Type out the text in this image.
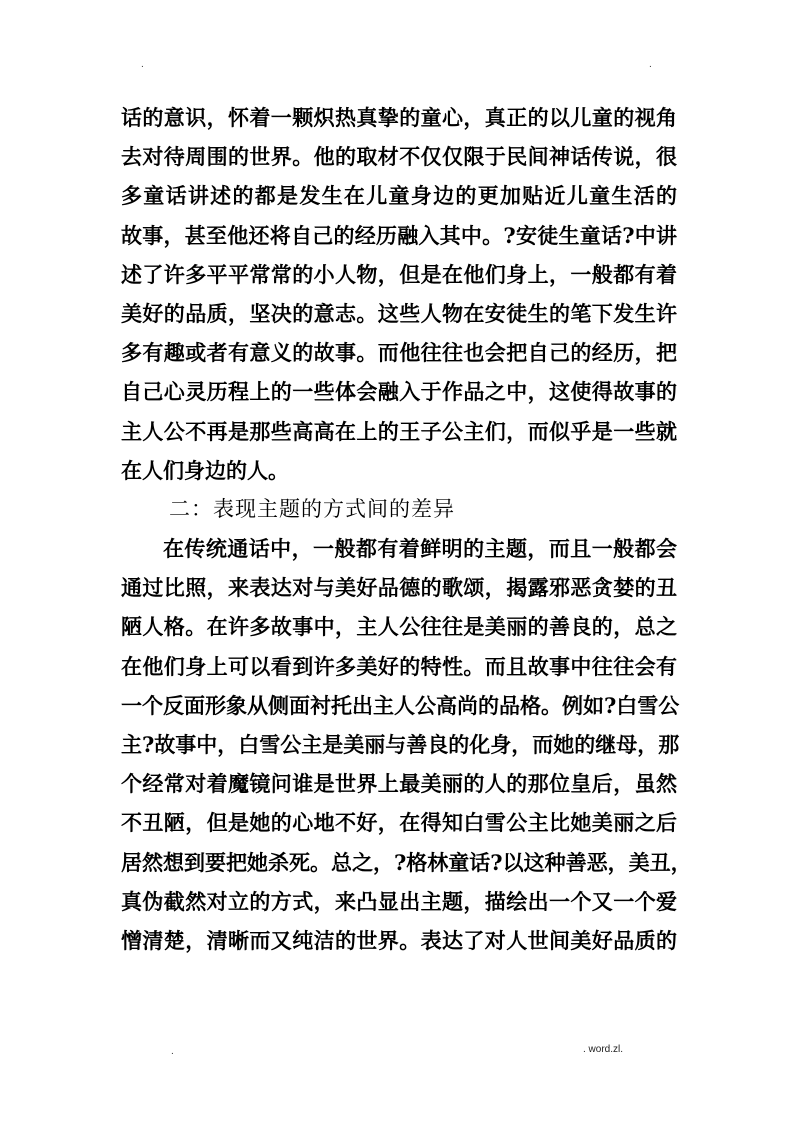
.	.
话的意识，怀着一颗炽热真挚的童心，真正的以儿童的视角
去对待周围的世界。他的取材不仅仅限于民间神话传说，很
多童话讲述的都是发生在儿童身边的更加贴近儿童生活的
故事，甚至他还将自己的经历融入其中。?安徒生童话?中讲
述了许多平平常常的小人物，但是在他们身上，一般都有着
美好的品质，坚决的意志。这些人物在安徒生的笔下发生许
多有趣或者有意义的故事。而他往往也会把自己的经历，把
自己心灵历程上的一些体会融入于作品之中，这使得故事的
主人公不再是那些高高在上的王子公主们，而似乎是一些就
在人们身边的人。
二：表现主题的方式间的差异
在传统通话中，一般都有着鲜明的主题，而且一般都会
通过比照，来表达对与美好品德的歌颂，揭露邪恶贪婪的丑
陋人格。在许多故事中，主人公往往是美丽的善良的，总之
在他们身上可以看到许多美好的特性。而且故事中往往会有
一个反面形象从侧面衬托出主人公高尚的品格。例如?白雪公
主?故事中，白雪公主是美丽与善良的化身，而她的继母，那
个经常对着魔镜问谁是世界上最美丽的人的那位皇后，虽然
不丑陋，但是她的心地不好，在得知白雪公主比她美丽之后
居然想到要把她杀死。总之，?格林童话?以这种善恶，美丑，
真伪截然对立的方式，来凸显出主题，描绘出一个又一个爱
憎清楚，清晰而又纯洁的世界。表达了对人世间美好品质的
.	. word.zl.
